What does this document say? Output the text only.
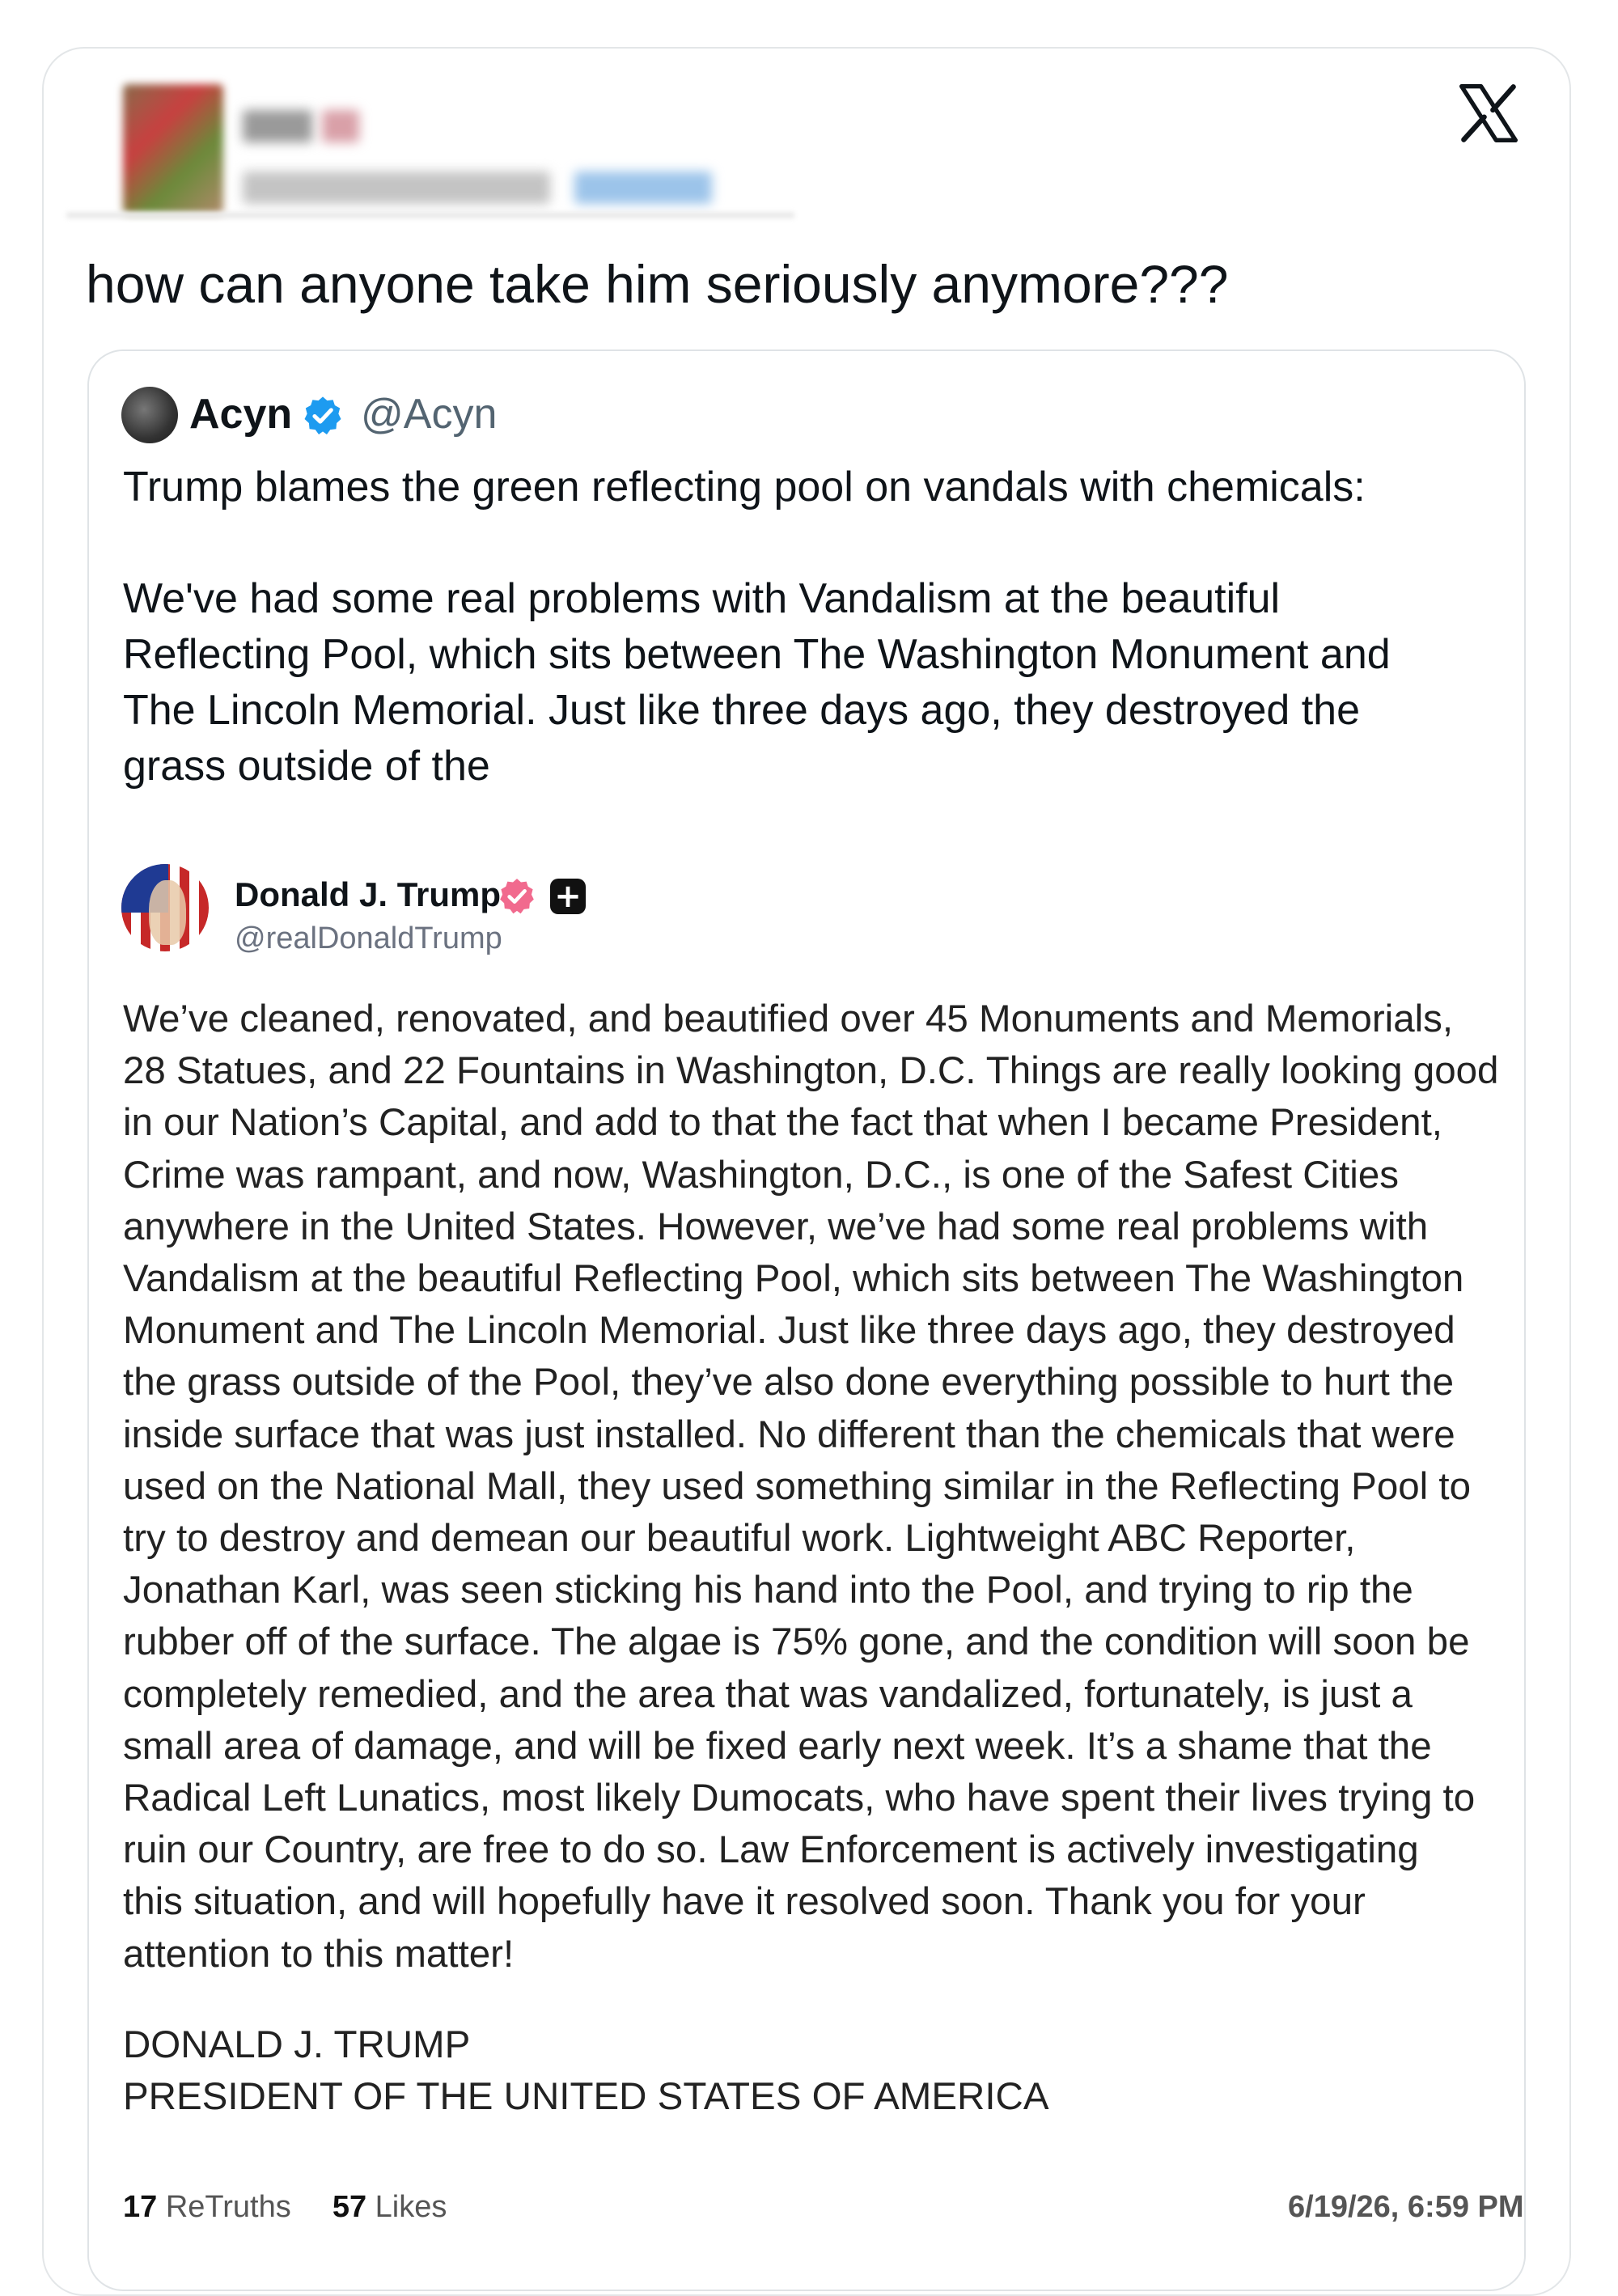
how can anyone take him seriously anymore???
Acyn @Acyn

Trump blames the green reflecting pool on vandals with chemicals:

We've had some real problems with Vandalism at the beautiful

Reflecting Pool, which sits between The Washington Monument and

The Lincoln Memorial. Just like three days ago, they destroyed the

grass outside of the

Donald J. Trump +
@realDonaldTrump

We’ve cleaned, renovated, and beautified over 45 Monuments and Memorials,

28 Statues, and 22 Fountains in Washington, D.C. Things are really looking good

in our Nation’s Capital, and add to that the fact that when I became President,

Crime was rampant, and now, Washington, D.C., is one of the Safest Cities

anywhere in the United States. However, we’ve had some real problems with

Vandalism at the beautiful Reflecting Pool, which sits between The Washington

Monument and The Lincoln Memorial. Just like three days ago, they destroyed

the grass outside of the Pool, they’ve also done everything possible to hurt the

inside surface that was just installed. No different than the chemicals that were

used on the National Mall, they used something similar in the Reflecting Pool to

try to destroy and demean our beautiful work. Lightweight ABC Reporter,

Jonathan Karl, was seen sticking his hand into the Pool, and trying to rip the

rubber off of the surface. The algae is 75% gone, and the condition will soon be

completely remedied, and the area that was vandalized, fortunately, is just a

small area of damage, and will be fixed early next week. It’s a shame that the

Radical Left Lunatics, most likely Dumocats, who have spent their lives trying to

ruin our Country, are free to do so. Law Enforcement is actively investigating

this situation, and will hopefully have it resolved soon. Thank you for your

attention to this matter!

DONALD J. TRUMP
PRESIDENT OF THE UNITED STATES OF AMERICA
17 ReTruths 57 Likes	6/19/26, 6:59 PM
